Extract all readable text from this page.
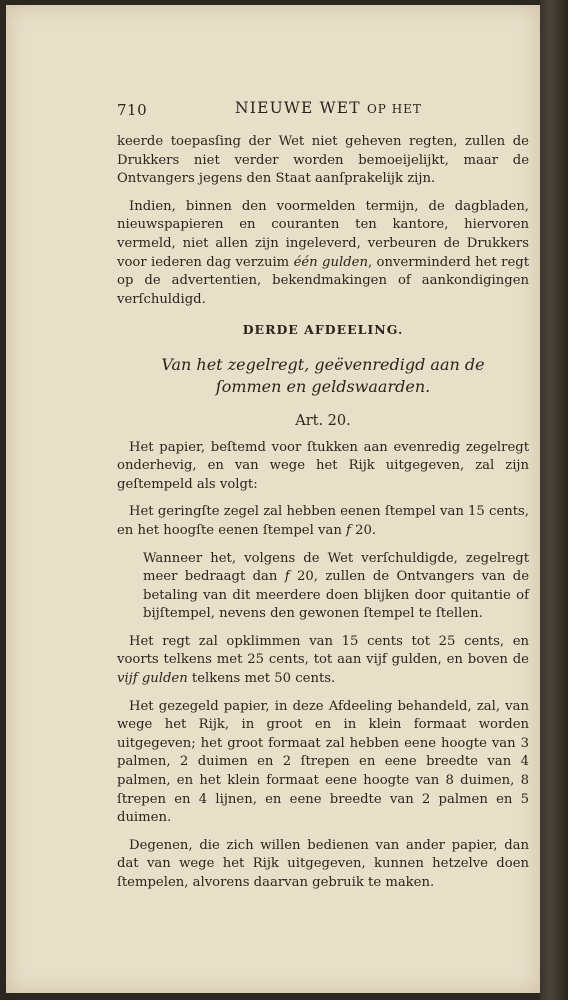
710	NIEUWE WET OP HET

keerde toepasſing der Wet niet geheven regten, zullen de Drukkers niet verder worden bemoeijelijkt, maar de Ontvangers jegens den Staat aanſprakelijk zijn.

Indien, binnen den voormelden termijn, de dagbladen, nieuwspapieren en couranten ten kantore, hiervoren vermeld, niet allen zijn ingeleverd, verbeuren de Drukkers voor iederen dag verzuim één gulden, onverminderd het regt op de advertentien, bekendmakingen of aankondigingen verſchuldigd.

DERDE AFDEELING.
Van het zegelregt, geëvenredigd aan de ſommen en geldswaarden.
Art. 20.

Het papier, beſtemd voor ſtukken aan evenredig zegelregt onderhevig, en van wege het Rijk uitgegeven, zal zijn geſtempeld als volgt:

Het geringſte zegel zal hebben eenen ſtempel van 15 cents, en het hoogſte eenen ſtempel van f 20.

Wanneer het, volgens de Wet verſchuldigde, zegelregt meer bedraagt dan f 20, zullen de Ontvangers van de betaling van dit meerdere doen blijken door quitantie of bijſtempel, nevens den gewonen ſtempel te ſtellen.

Het regt zal opklimmen van 15 cents tot 25 cents, en voorts telkens met 25 cents, tot aan vijf gulden, en boven de vijf gulden telkens met 50 cents.

Het gezegeld papier, in deze Afdeeling behandeld, zal, van wege het Rijk, in groot en in klein formaat worden uitgegeven; het groot formaat zal hebben eene hoogte van 3 palmen, 2 duimen en 2 ſtrepen en eene breedte van 4 palmen, en het klein formaat eene hoogte van 8 duimen, 8 ſtrepen en 4 lijnen, en eene breedte van 2 palmen en 5 duimen.

Degenen, die zich willen bedienen van ander papier, dan dat van wege het Rijk uitgegeven, kunnen hetzelve doen ſtempelen, alvorens daarvan gebruik te maken.
